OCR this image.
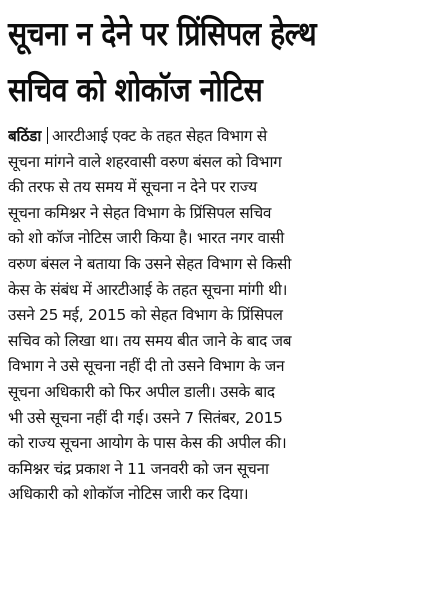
सूचना न देने पर प्रिंसिपल हेल्थ
सचिव को शोकॉज नोटिस
बठिंडा आरटीआई एक्ट के तहत सेहत विभाग से
सूचना मांगने वाले शहरवासी वरुण बंसल को विभाग
की तरफ से तय समय में सूचना न देने पर राज्य
सूचना कमिश्नर ने सेहत विभाग के प्रिंसिपल सचिव
को शो कॉज नोटिस जारी किया है। भारत नगर वासी
वरुण बंसल ने बताया कि उसने सेहत विभाग से किसी
केस के संबंध में आरटीआई के तहत सूचना मांगी थी।
उसने 25 मई, 2015 को सेहत विभाग के प्रिंसिपल
सचिव को लिखा था। तय समय बीत जाने के बाद जब
विभाग ने उसे सूचना नहीं दी तो उसने विभाग के जन
सूचना अधिकारी को फिर अपील डाली। उसके बाद
भी उसे सूचना नहीं दी गई। उसने 7 सितंबर, 2015
को राज्य सूचना आयोग के पास केस की अपील की।
कमिश्नर चंद्र प्रकाश ने 11 जनवरी को जन सूचना
अधिकारी को शोकॉज नोटिस जारी कर दिया।
